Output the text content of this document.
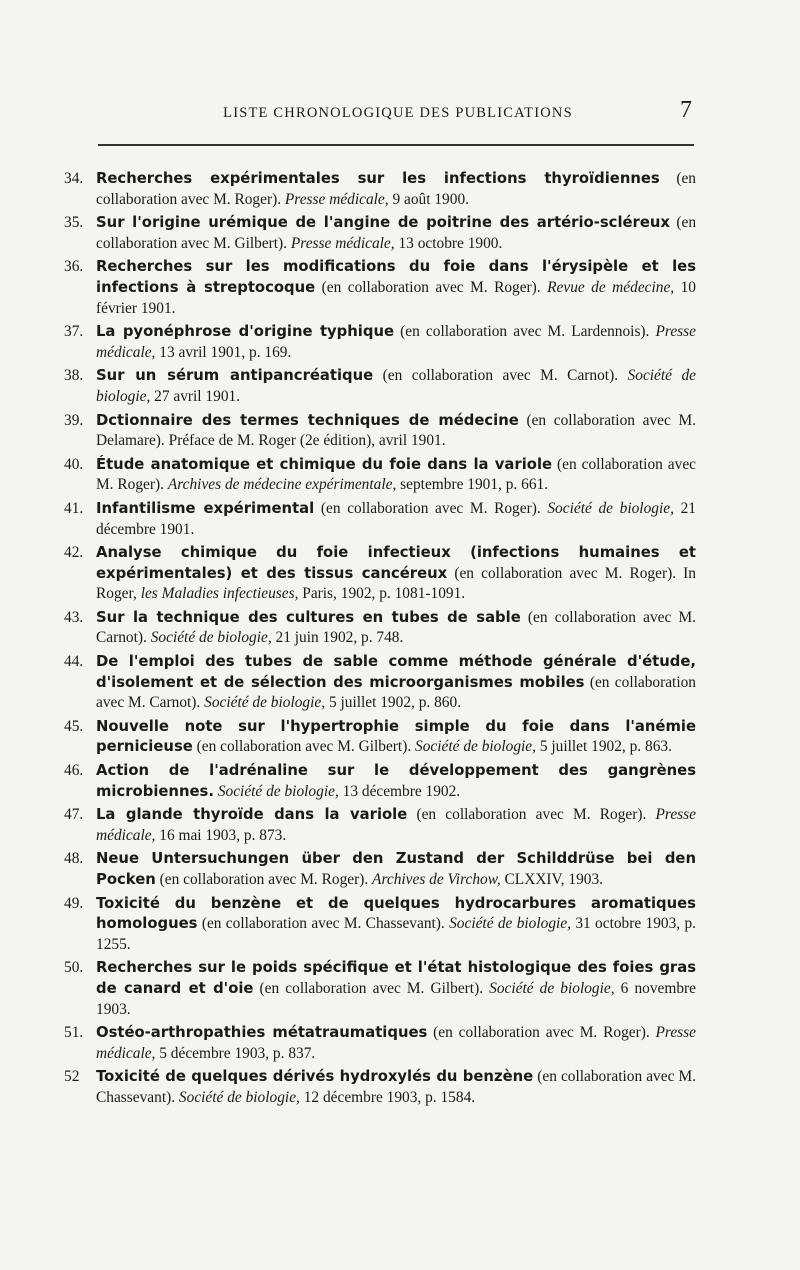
LISTE CHRONOLOGIQUE DES PUBLICATIONS	7
34. Recherches expérimentales sur les infections thyroïdiennes (en collaboration avec M. Roger). Presse médicale, 9 août 1900.
35. Sur l'origine urémique de l'angine de poitrine des artério-scléreux (en collaboration avec M. Gilbert). Presse médicale, 13 octobre 1900.
36. Recherches sur les modifications du foie dans l'érysipèle et les infections à streptocoque (en collaboration avec M. Roger). Revue de médecine, 10 février 1901.
37. La pyonéphrose d'origine typhique (en collaboration avec M. Lardennois). Presse médicale, 13 avril 1901, p. 169.
38. Sur un sérum antipancréatique (en collaboration avec M. Carnot). Société de biologie, 27 avril 1901.
39. Dctionnaire des termes techniques de médecine (en collaboration avec M. Delamare). Préface de M. Roger (2e édition), avril 1901.
40. Étude anatomique et chimique du foie dans la variole (en collaboration avec M. Roger). Archives de médecine expérimentale, septembre 1901, p. 661.
41. Infantilisme expérimental (en collaboration avec M. Roger). Société de biologie, 21 décembre 1901.
42. Analyse chimique du foie infectieux (infections humaines et expérimentales) et des tissus cancéreux (en collaboration avec M. Roger). In Roger, les Maladies infectieuses, Paris, 1902, p. 1081-1091.
43. Sur la technique des cultures en tubes de sable (en collaboration avec M. Carnot). Société de biologie, 21 juin 1902, p. 748.
44. De l'emploi des tubes de sable comme méthode générale d'étude, d'isolement et de sélection des microorganismes mobiles (en collaboration avec M. Carnot). Société de biologie, 5 juillet 1902, p. 860.
45. Nouvelle note sur l'hypertrophie simple du foie dans l'anémie pernicieuse (en collaboration avec M. Gilbert). Société de biologie, 5 juillet 1902, p. 863.
46. Action de l'adrénaline sur le développement des gangrènes microbiennes. Société de biologie, 13 décembre 1902.
47. La glande thyroïde dans la variole (en collaboration avec M. Roger). Presse médicale, 16 mai 1903, p. 873.
48. Neue Untersuchungen über den Zustand der Schilddrüse bei den Pocken (en collaboration avec M. Roger). Archives de Virchow, CLXXIV, 1903.
49. Toxicité du benzène et de quelques hydrocarbures aromatiques homologues (en collaboration avec M. Chassevant). Société de biologie, 31 octobre 1903, p. 1255.
50. Recherches sur le poids spécifique et l'état histologique des foies gras de canard et d'oie (en collaboration avec M. Gilbert). Société de biologie, 6 novembre 1903.
51. Ostéo-arthropathies métatraumatiques (en collaboration avec M. Roger). Presse médicale, 5 décembre 1903, p. 837.
52	Toxicité de quelques dérivés hydroxylés du benzène (en collaboration avec M. Chassevant). Société de biologie, 12 décembre 1903, p. 1584.
